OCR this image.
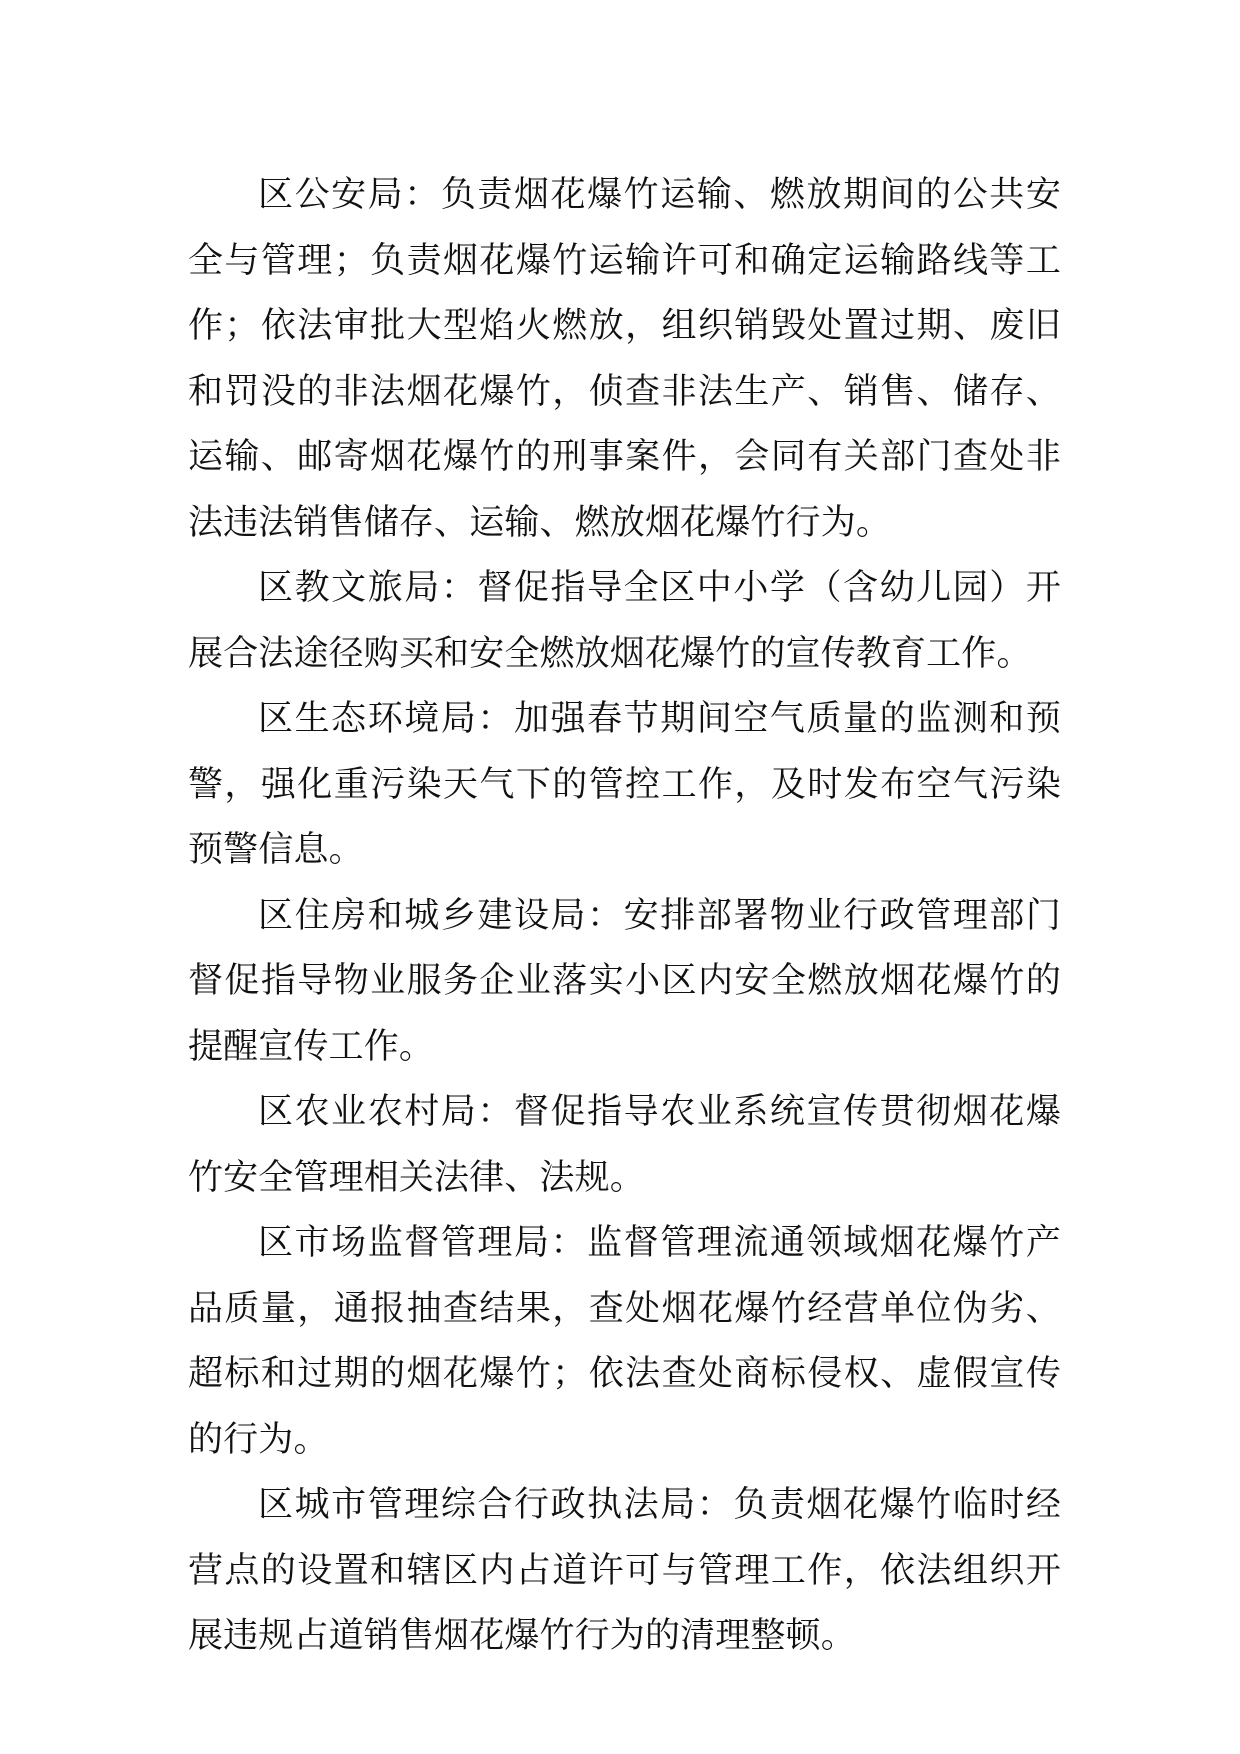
区公安局：负责烟花爆竹运输、燃放期间的公共安全与管理；负责烟花爆竹运输许可和确定运输路线等工作；依法审批大型焰火燃放，组织销毁处置过期、废旧和罚没的非法烟花爆竹，侦查非法生产、销售、储存、运输、邮寄烟花爆竹的刑事案件，会同有关部门查处非法违法销售储存、运输、燃放烟花爆竹行为。

区教文旅局：督促指导全区中小学（含幼儿园）开展合法途径购买和安全燃放烟花爆竹的宣传教育工作。

区生态环境局：加强春节期间空气质量的监测和预警，强化重污染天气下的管控工作，及时发布空气污染预警信息。

区住房和城乡建设局：安排部署物业行政管理部门督促指导物业服务企业落实小区内安全燃放烟花爆竹的提醒宣传工作。

区农业农村局：督促指导农业系统宣传贯彻烟花爆竹安全管理相关法律、法规。

区市场监督管理局：监督管理流通领域烟花爆竹产品质量，通报抽查结果，查处烟花爆竹经营单位伪劣、超标和过期的烟花爆竹；依法查处商标侵权、虚假宣传的行为。

区城市管理综合行政执法局：负责烟花爆竹临时经营点的设置和辖区内占道许可与管理工作，依法组织开展违规占道销售烟花爆竹行为的清理整顿。
